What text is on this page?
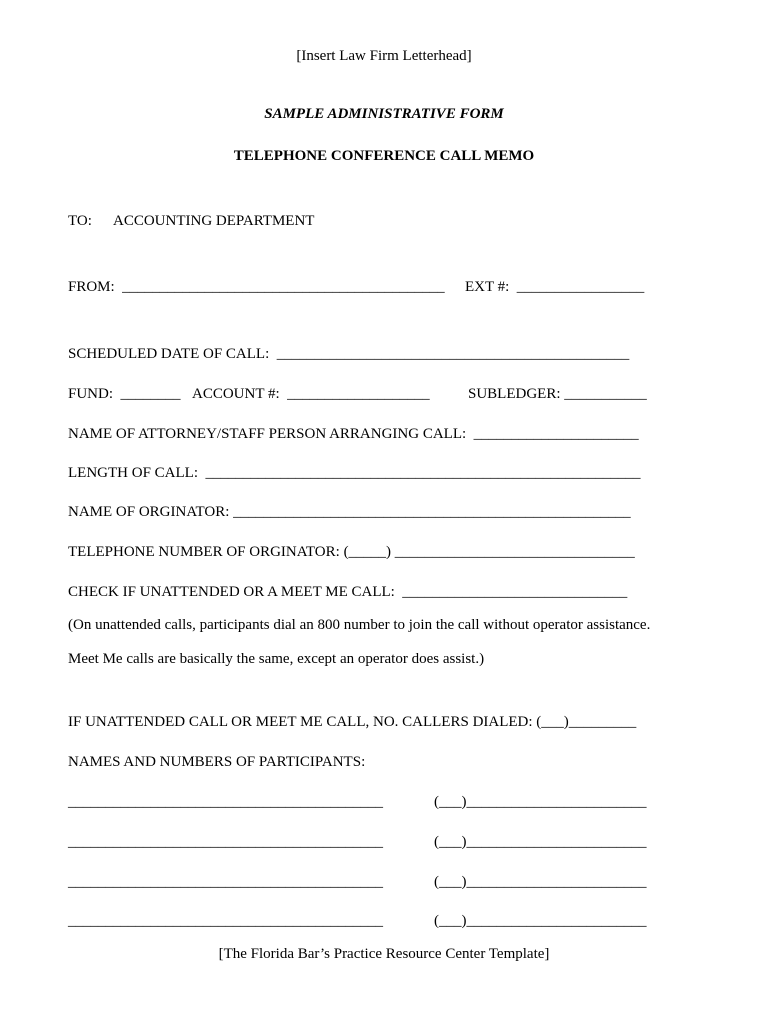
[Insert Law Firm Letterhead]
SAMPLE ADMINISTRATIVE FORM
TELEPHONE CONFERENCE CALL MEMO
TO: ACCOUNTING DEPARTMENT
FROM:  ___________________________________________ EXT #:  _________________
SCHEDULED DATE OF CALL:  _______________________________________________
FUND:  ________ ACCOUNT #:  ___________________	SUBLEDGER: ___________
NAME OF ATTORNEY/STAFF PERSON ARRANGING CALL:  ______________________
LENGTH OF CALL:  __________________________________________________________
NAME OF ORGINATOR: _____________________________________________________
TELEPHONE NUMBER OF ORGINATOR: (_____) ________________________________
CHECK IF UNATTENDED OR A MEET ME CALL:  ______________________________
(On unattended calls, participants dial an 800 number to join the call without operator assistance.
Meet Me calls are basically the same, except an operator does assist.)
IF UNATTENDED CALL OR MEET ME CALL, NO. CALLERS DIALED: (___)_________
NAMES AND NUMBERS OF PARTICIPANTS:
__________________________________________	(___)________________________
__________________________________________	(___)________________________
__________________________________________	(___)________________________
__________________________________________	(___)________________________
[The Florida Bar’s Practice Resource Center Template]
